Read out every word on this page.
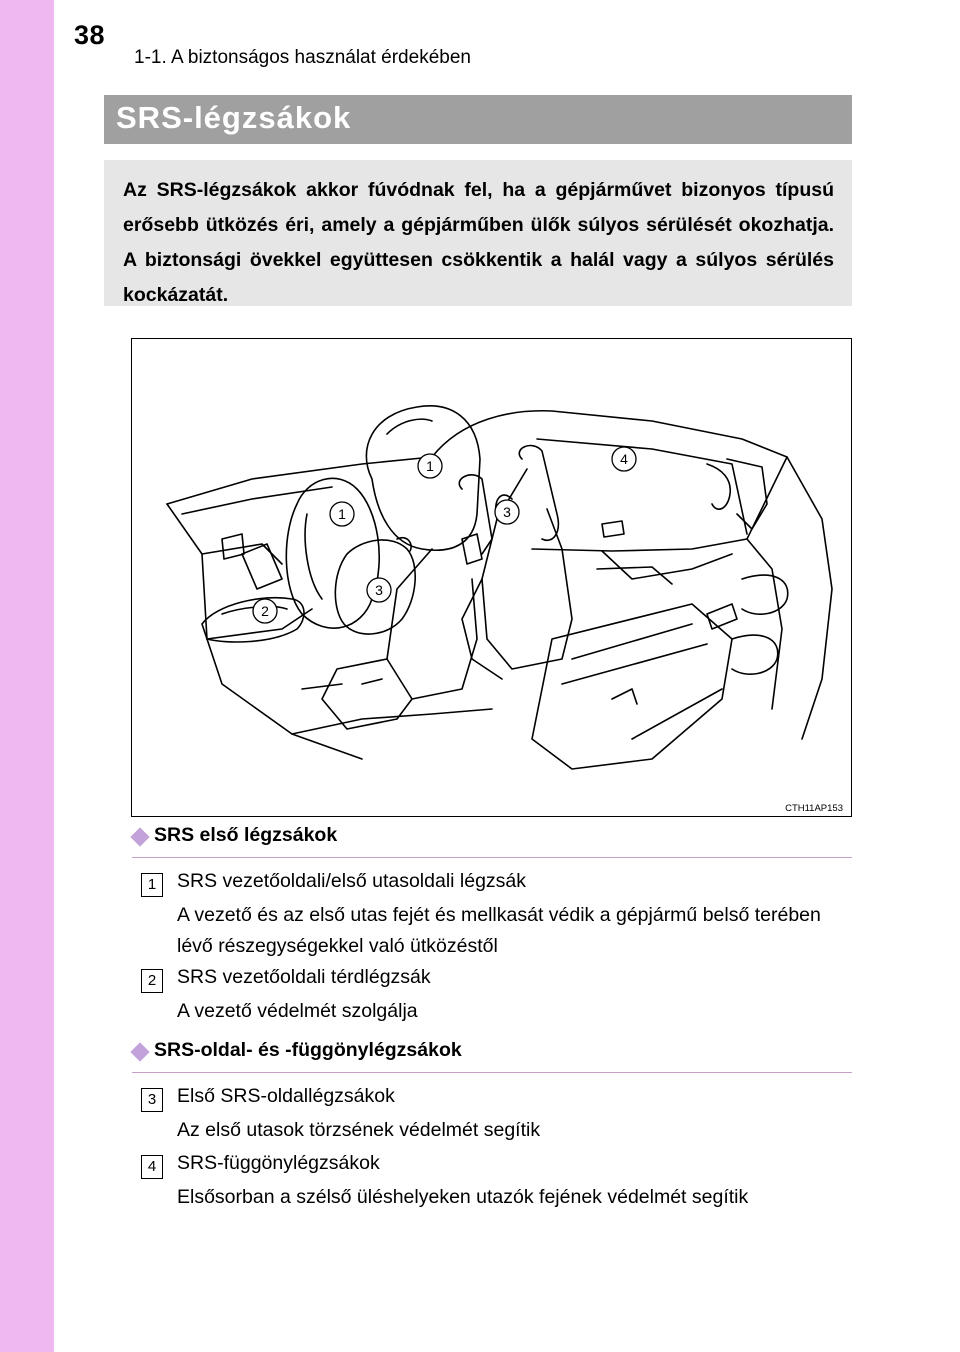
38
1-1. A biztonságos használat érdekében
SRS-légzsákok

Az SRS-légzsákok akkor fúvódnak fel, ha a gépjárművet bizonyos típusú erősebb ütközés éri, amely a gépjárműben ülők súlyos sérülését okozhatja. A biztonsági övekkel együttesen csökkentik a halál vagy a súlyos sérülés kockázatát.

1
1
2
3
3
4
CTH11AP153
SRS első légzsákok
1	SRS vezetőoldali/első utasoldali légzsák
A vezető és az első utas fejét és mellkasát védik a gépjármű belső terében lévő részegységekkel való ütközéstől
2	SRS vezetőoldali térdlégzsák
A vezető védelmét szolgálja
SRS-oldal- és -függönylégzsákok
3	Első SRS-oldallégzsákok
Az első utasok törzsének védelmét segítik
4	SRS-függönylégzsákok
Elsősorban a szélső üléshelyeken utazók fejének védelmét segítik
